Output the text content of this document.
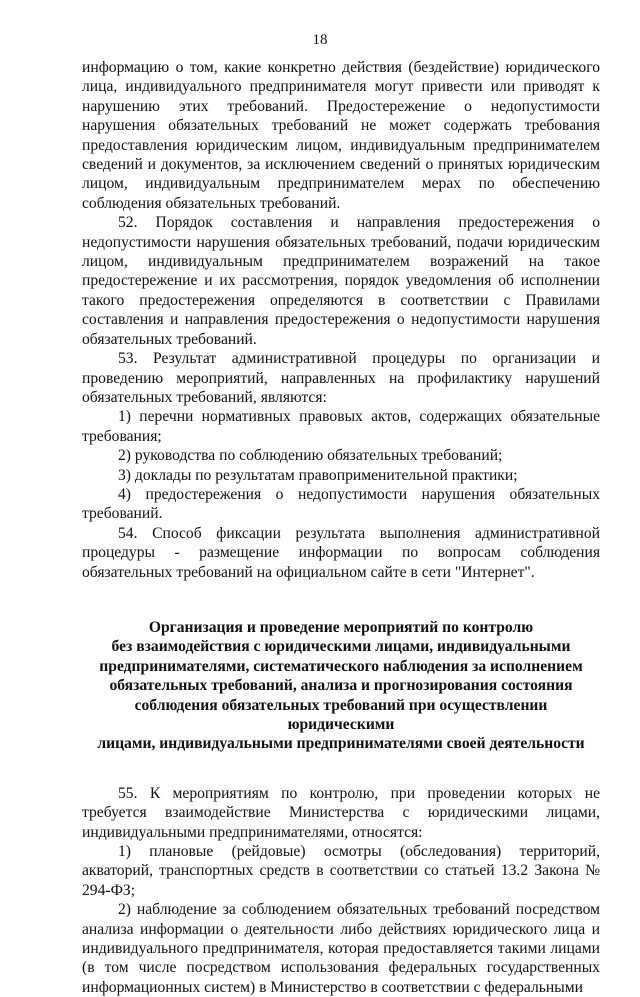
18

информацию о том, какие конкретно действия (бездействие) юридического лица, индивидуального предпринимателя могут привести или приводят к нарушению этих требований. Предостережение о недопустимости нарушения обязательных требований не может содержать требования предоставления юридическим лицом, индивидуальным предпринимателем сведений и документов, за исключением сведений о принятых юридическим лицом, индивидуальным предпринимателем мерах по обеспечению соблюдения обязательных требований.

52. Порядок составления и направления предостережения о недопустимости нарушения обязательных требований, подачи юридическим лицом, индивидуальным предпринимателем возражений на такое предостережение и их рассмотрения, порядок уведомления об исполнении такого предостережения определяются в соответствии с Правилами составления и направления предостережения о недопустимости нарушения обязательных требований.

53. Результат административной процедуры по организации и проведению мероприятий, направленных на профилактику нарушений обязательных требований, являются:

1) перечни нормативных правовых актов, содержащих обязательные требования;

2) руководства по соблюдению обязательных требований;

3) доклады по результатам правоприменительной практики;

4) предостережения о недопустимости нарушения обязательных требований.

54. Способ фиксации результата выполнения административной процедуры - размещение информации по вопросам соблюдения обязательных требований на официальном сайте в сети "Интернет".

Организация и проведение мероприятий по контролю
без взаимодействия с юридическими лицами, индивидуальными
предпринимателями, систематического наблюдения за исполнением
обязательных требований, анализа и прогнозирования состояния
соблюдения обязательных требований при осуществлении юридическими
лицами, индивидуальными предпринимателями своей деятельности

55. К мероприятиям по контролю, при проведении которых не требуется взаимодействие Министерства с юридическими лицами, индивидуальными предпринимателями, относятся:

1) плановые (рейдовые) осмотры (обследования) территорий, акваторий, транспортных средств в соответствии со статьей 13.2 Закона № 294-ФЗ;

2) наблюдение за соблюдением обязательных требований посредством анализа информации о деятельности либо действиях юридического лица и индивидуального предпринимателя, которая предоставляется такими лицами (в том числе посредством использования федеральных государственных информационных систем) в Министерство в соответствии с федеральными
